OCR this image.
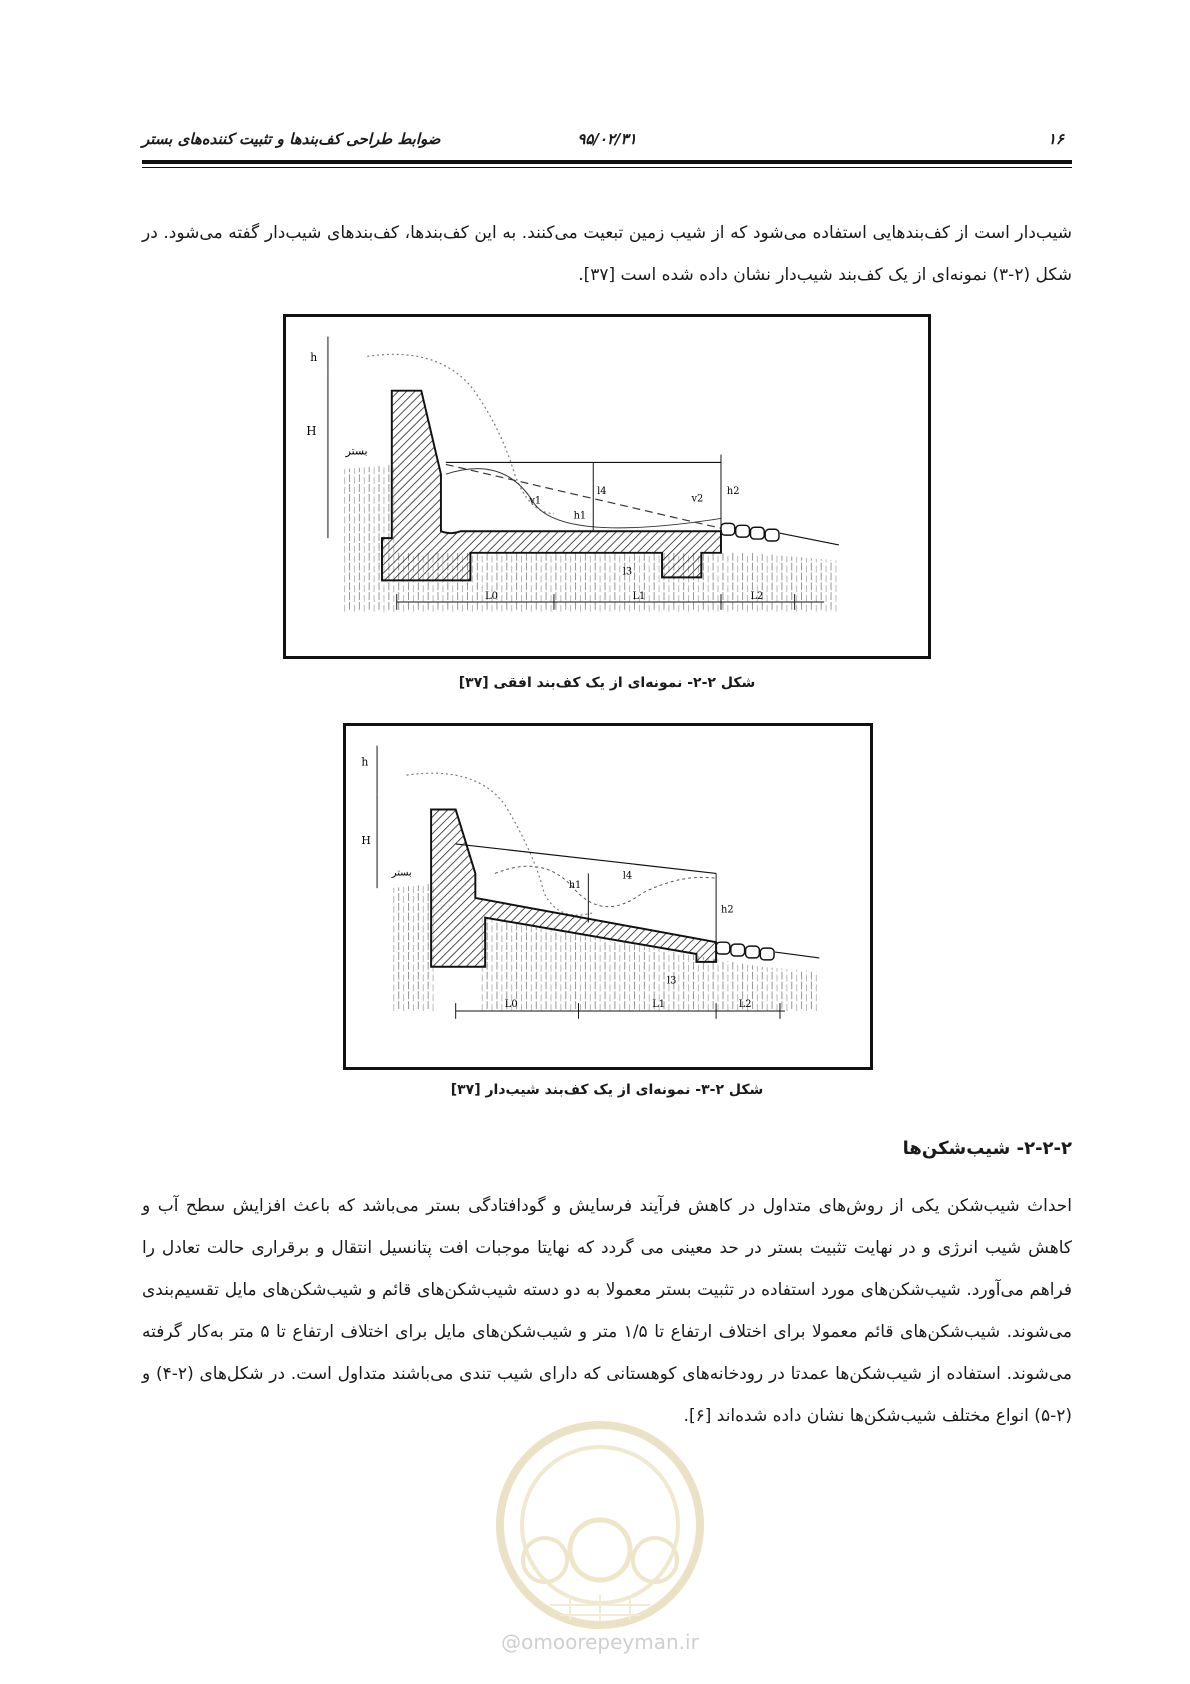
۱۶
۹۵/۰۲/۳۱
ضوابط طراحی کف‌بندها و تثبیت کننده‌های بستر

شیب‌دار است از کف‌بندهایی استفاده می‌شود که از شیب زمین تبعیت می‌کنند. به این کف‌بندها، کف‌بندهای شیب‌دار گفته می‌شود. در شکل (۲-۳) نمونه‌ای از یک کف‌بند شیب‌دار نشان داده شده است [۳۷].

h
H
بستر
l4
v1	v2
h1
h2
l3
L0	L1	L2
شکل ۲-۲- نمونه‌ای از یک کف‌بند افقی [۳۷]
h
H
بستر
h1
l4
h2
l3
L0	L1	L2
شکل ۲-۳- نمونه‌ای از یک کف‌بند شیب‌دار [۳۷]
۲-۲-۲- شیب‌شکن‌ها

احداث شیب‌شکن یکی از روش‌های متداول در کاهش فرآیند فرسایش و گودافتادگی بستر می‌باشد که باعث افزایش سطح آب و کاهش شیب انرژی و در نهایت تثبیت بستر در حد معینی می گردد که نهایتا موجبات افت پتانسیل انتقال و برقراری حالت تعادل را فراهم می‌آورد. شیب‌شکن‌های مورد استفاده در تثبیت بستر معمولا به دو دسته شیب‌شکن‌های قائم و شیب‌شکن‌های مایل تقسیم‌بندی می‌شوند. شیب‌شکن‌های قائم معمولا برای اختلاف ارتفاع تا ۱/۵ متر و شیب‌شکن‌های مایل برای اختلاف ارتفاع تا ۵ متر به‌کار گرفته می‌شوند. استفاده از شیب‌شکن‌ها عمدتا در رودخانه‌های کوهستانی که دارای شیب تندی می‌باشند متداول است. در شکل‌های (۲-۴) و (۲-۵) انواع مختلف شیب‌شکن‌ها نشان داده شده‌اند [۶].

@omoorepeyman.ir
